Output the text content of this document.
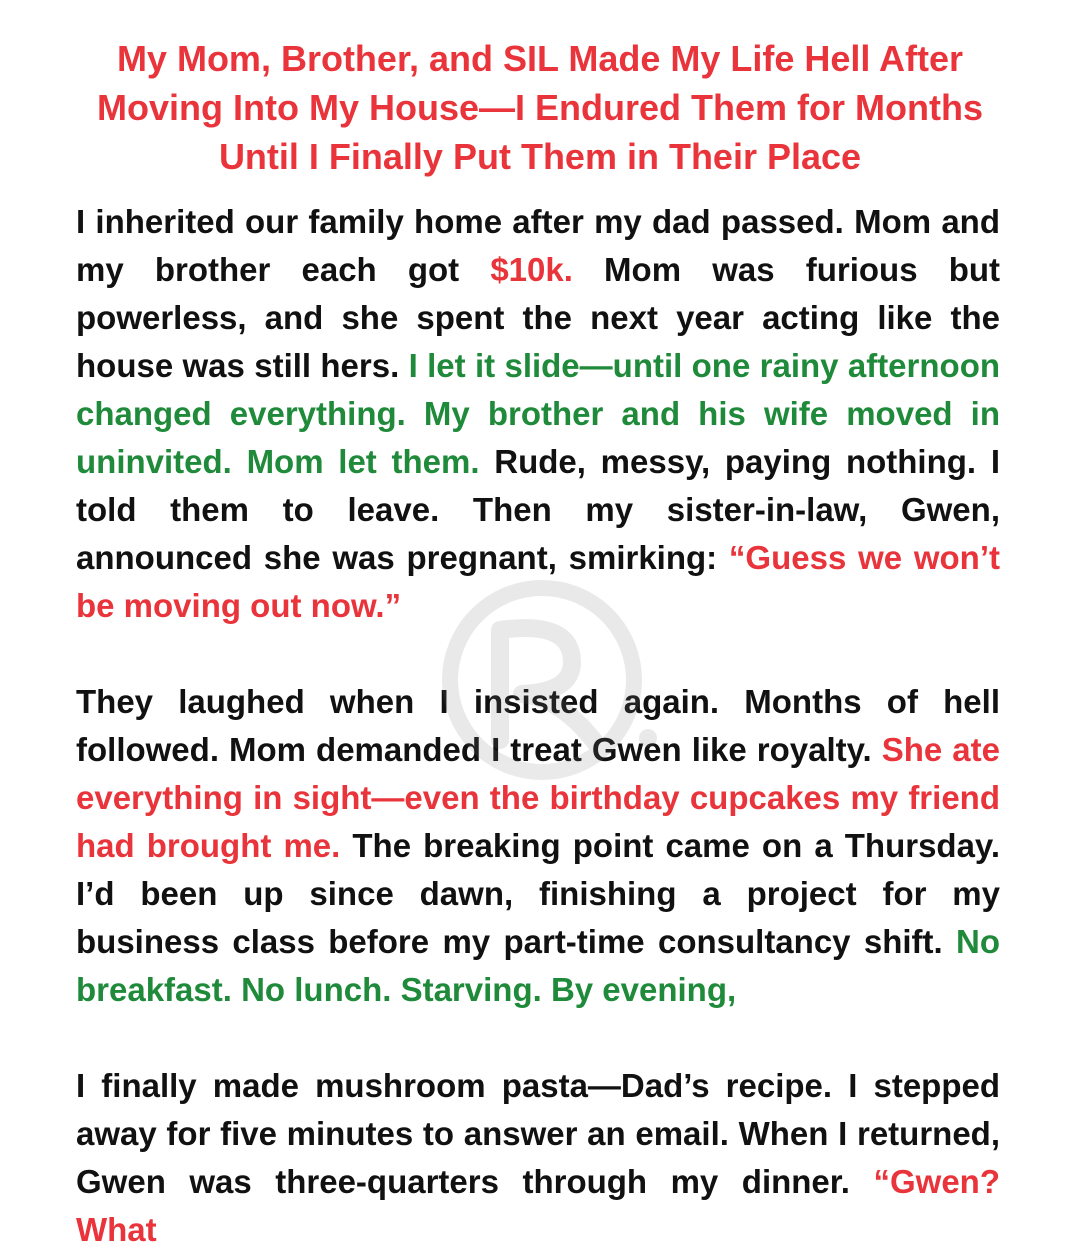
My Mom, Brother, and SIL Made My Life Hell After
Moving Into My House—I Endured Them for Months
Until I Finally Put Them in Their Place

I inherited our family home after my dad passed. Mom and my brother each got $10k. Mom was furious but powerless, and she spent the next year acting like the house was still hers. I let it slide—until one rainy afternoon changed everything. My brother and his wife moved in uninvited. Mom let them. Rude, messy, paying nothing. I told them to leave. Then my sister-in-law, Gwen, announced she was pregnant, smirking: “Guess we won’t be moving out now.”

They laughed when I insisted again. Months of hell followed. Mom demanded I treat Gwen like royalty. She ate everything in sight—even the birthday cupcakes my friend had brought me. The breaking point came on a Thursday. I’d been up since dawn, finishing a project for my business class before my part-time consultancy shift. No breakfast. No lunch. Starving. By evening,

I finally made mushroom pasta—Dad’s recipe. I stepped away for five minutes to answer an email. When I returned, Gwen was three-quarters through my dinner. “Gwen? What
